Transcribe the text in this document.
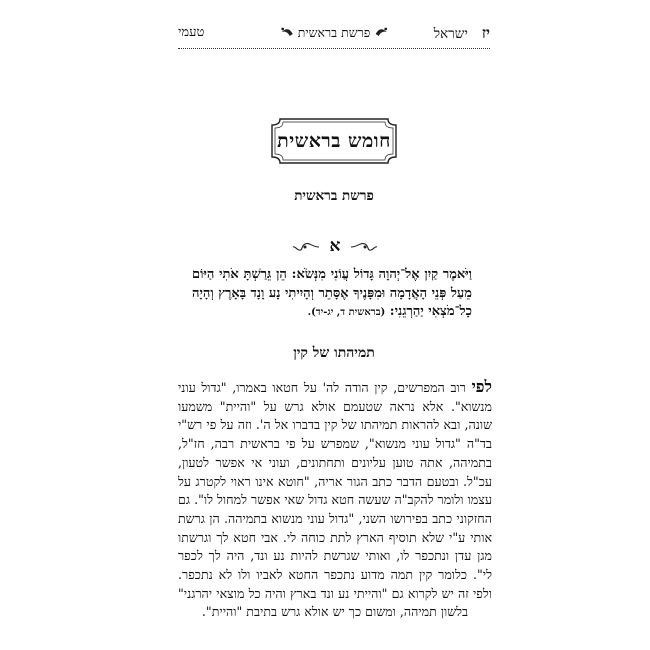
יזישראל
פרשת בראשית
טעמי
חומש בראשית
פרשת בראשית
א
וַיֹּאמֶר קַיִן אֶל־יְהוָה גָּדוֹל עֲוֹנִי מִנְּשֹׂא: הֵן גֵּרַשְׁתָּ אֹתִי הַיּוֹם מֵעַל פְּנֵי הָאֲדָמָה וּמִפָּנֶיךָ אֶסָּתֵר וְהָיִיתִי נָע וָנָד בָּאָרֶץ וְהָיָה כָל־מֹצְאִי יַהַרְגֵנִי: (בראשית ד, יג-יד).
תמיהתו של קין
לפי רוב המפרשים, קין הודה לה' על חטאו באמרו, "גדול עוני מנשוא". אלא נראה שטעמם אולא גרש על "והיית" משמעו שונה, ובא להראות תמיהתו של קין בדברו אל ה'. וזה על פי רש"י בד"ה "גדול עוני מנשוא", שמפרש על פי בראשית רבה, חז"ל, בתמיהה, אתה טוען עליונים ותחתונים, ועוני אי אפשר לטעון, עכ"ל. ובטעם הדבר כתב הגור אריה, "חוטא אינו ראוי לקטרג על עצמו ולומר להקב"ה שעשה חטא גדול שאי אפשר למחול לו". גם החזקוני כתב בפירושו השני, "גדול עוני מנשוא בתמיהה. הן גרשת אותי ע"י שלא תוסיף הארץ לתת כוחה לי. אבי חטא לך וגרשתו מגן עדן ונתכפר לו, ואותי שגרשת להיות נע ונד, היה לך לכפר לי". כלומר קין תמה מדוע נתכפר החטא לאביו ולו לא נתכפר. ולפי זה יש לקרוא גם "והייתי נע ונד בארץ והיה כל מוצאי יהרגני" בלשון תמיהה, ומשום כך יש אולא גרש בתיבת "והיית".
